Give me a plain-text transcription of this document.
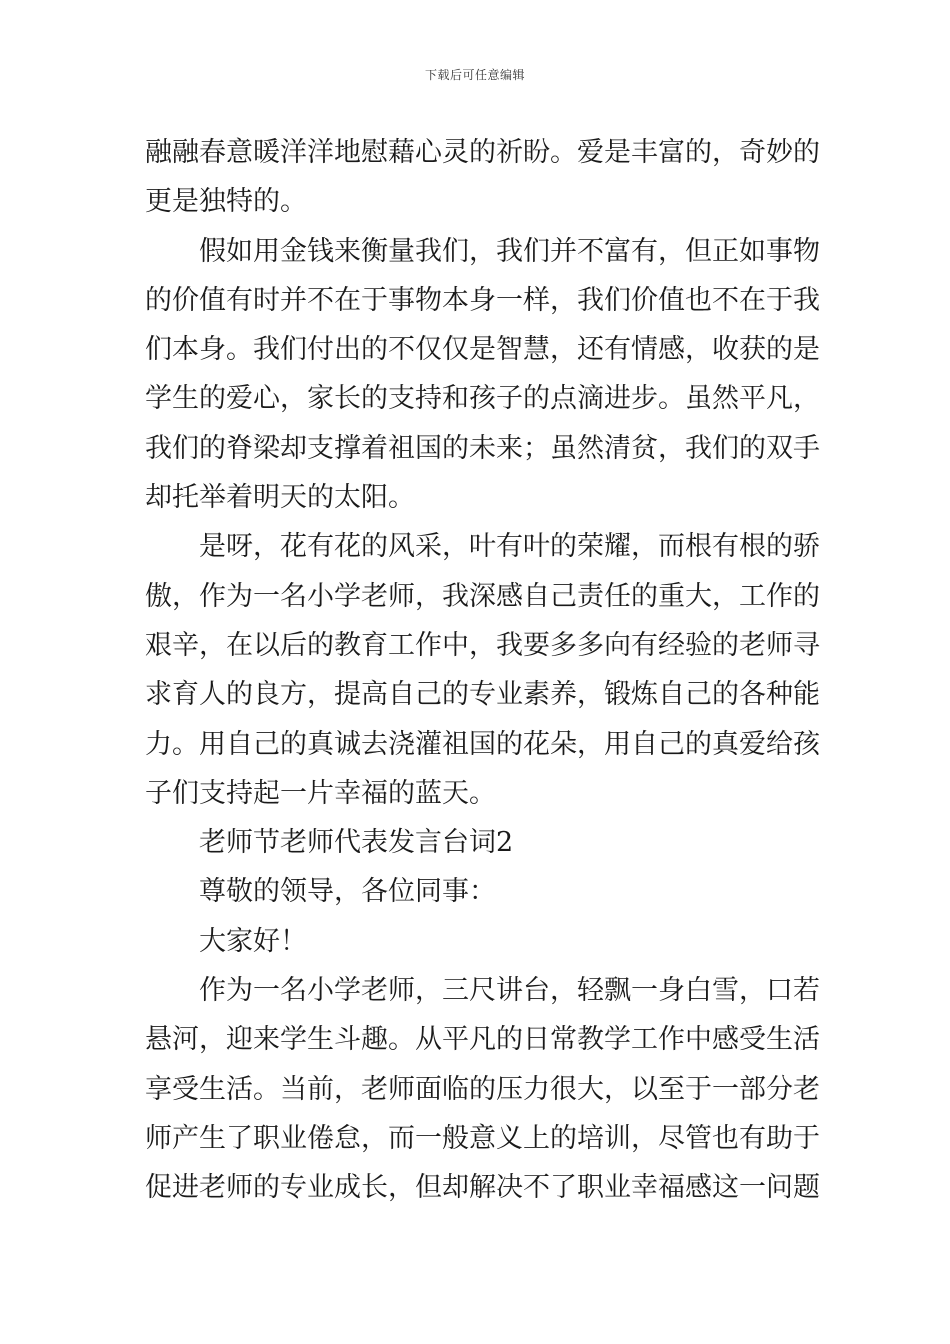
下载后可任意编辑
融融春意暖洋洋地慰藉心灵的祈盼。爱是丰富的，奇妙的
更是独特的。
假如用金钱来衡量我们，我们并不富有，但正如事物
的价值有时并不在于事物本身一样，我们价值也不在于我
们本身。我们付出的不仅仅是智慧，还有情感，收获的是
学生的爱心，家长的支持和孩子的点滴进步。虽然平凡，
我们的脊梁却支撑着祖国的未来；虽然清贫，我们的双手
却托举着明天的太阳。
是呀，花有花的风采，叶有叶的荣耀，而根有根的骄
傲，作为一名小学老师，我深感自己责任的重大，工作的
艰辛，在以后的教育工作中，我要多多向有经验的老师寻
求育人的良方，提高自己的专业素养，锻炼自己的各种能
力。用自己的真诚去浇灌祖国的花朵，用自己的真爱给孩
子们支持起一片幸福的蓝天。
老师节老师代表发言台词2
尊敬的领导，各位同事：
大家好！
作为一名小学老师，三尺讲台，轻飘一身白雪，口若
悬河，迎来学生斗趣。从平凡的日常教学工作中感受生活
享受生活。当前，老师面临的压力很大，以至于一部分老
师产生了职业倦怠，而一般意义上的培训，尽管也有助于
促进老师的专业成长，但却解决不了职业幸福感这一问题
